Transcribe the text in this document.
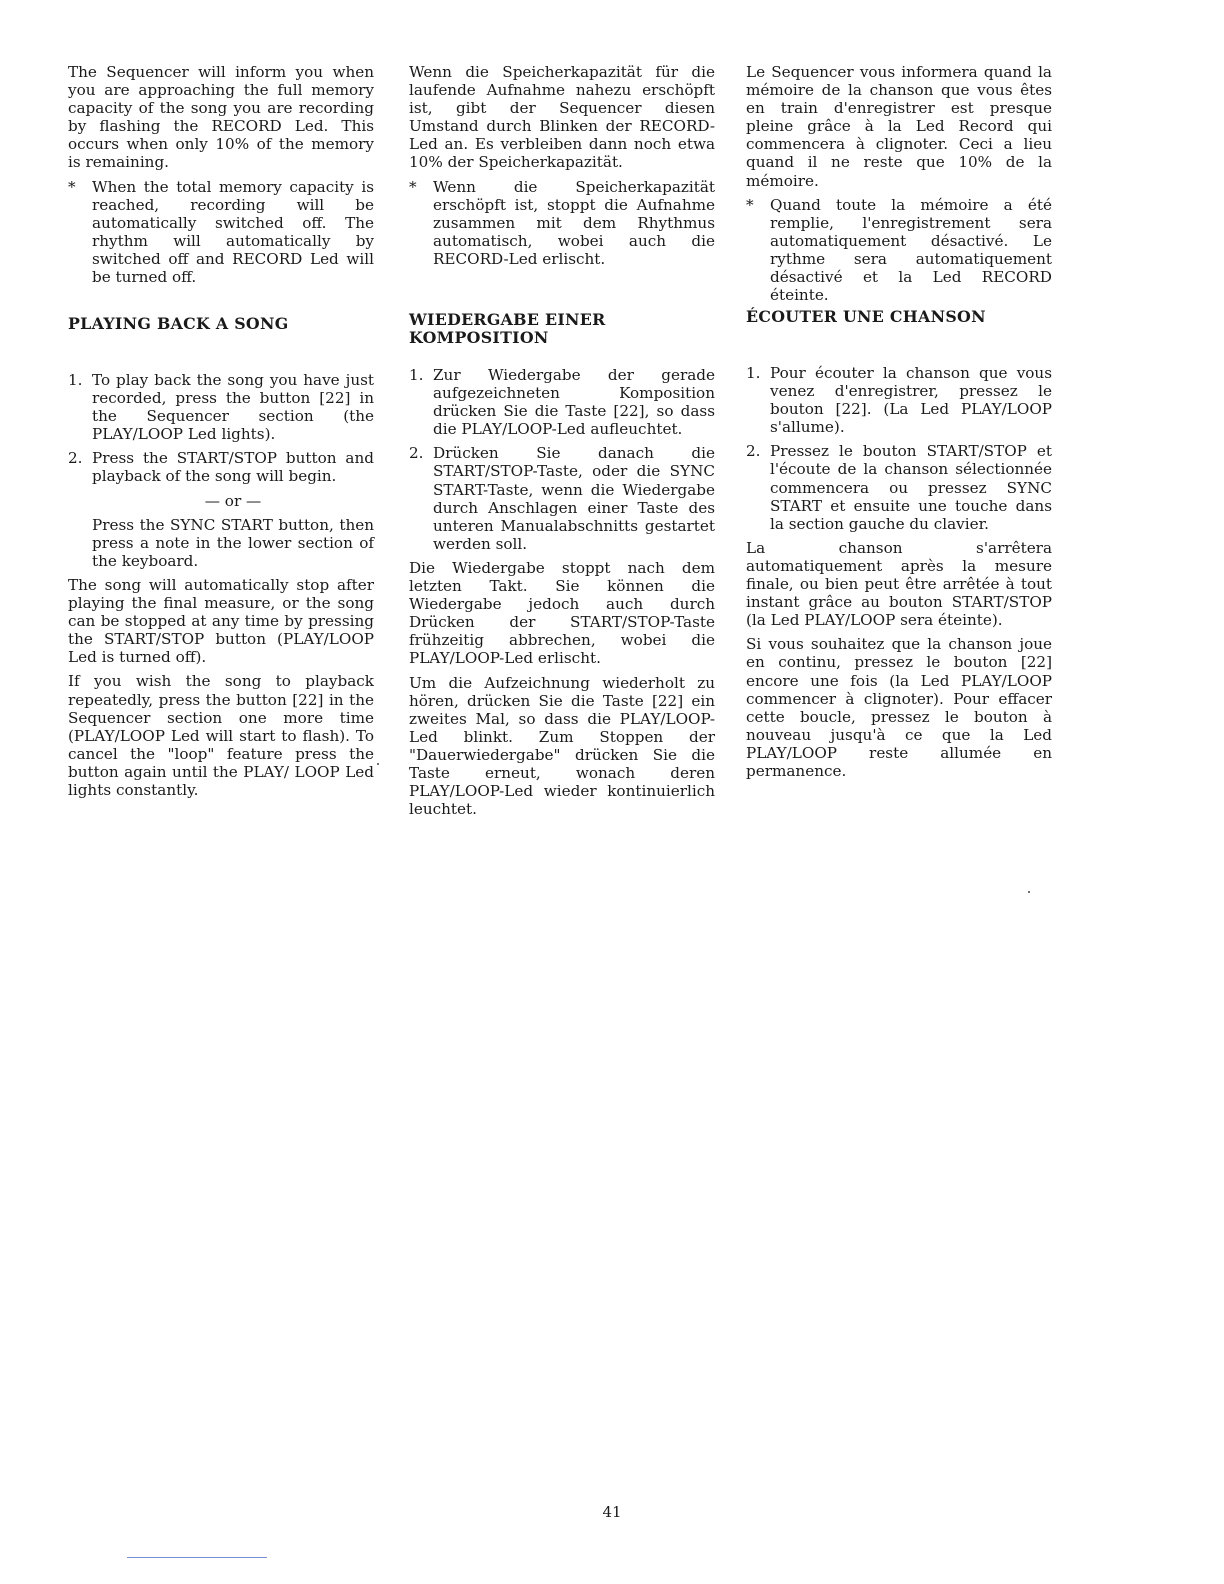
The Sequencer will inform you when you are approaching the full memory capacity of the song you are recording by flashing the RECORD Led. This occurs when only 10% of the memory is remaining.

* When the total memory capacity is reached, recording will be automatically switched off. The rhythm will automatically by switched off and RECORD Led will be turned off.

Wenn die Speicherkapazität für die laufende Aufnahme nahezu erschöpft ist, gibt der Sequencer diesen Umstand durch Blinken der RECORD-Led an. Es verbleiben dann noch etwa 10% der Speicherkapazität.

* Wenn die Speicherkapazität erschöpft ist, stoppt die Aufnahme zusammen mit dem Rhythmus automatisch, wobei auch die RECORD-Led erlischt.

Le Sequencer vous informera quand la mémoire de la chanson que vous êtes en train d'enregistrer est presque pleine grâce à la Led Record qui commencera à clignoter. Ceci a lieu quand il ne reste que 10% de la mémoire.

* Quand toute la mémoire a été remplie, l'enregistrement sera automatiquement désactivé. Le rythme sera automatiquement désactivé et la Led RECORD éteinte.
PLAYING BACK A SONG	WIEDERGABE EINER
KOMPOSITION
ÉCOUTER UNE CHANSON
1. To play back the song you have just recorded, press the button [22] in the Sequencer section (the PLAY/LOOP Led lights).
2. Press the START/STOP button and playback of the song will begin.
— or —

Press the SYNC START button, then press a note in the lower section of the keyboard.

The song will automatically stop after playing the final measure, or the song can be stopped at any time by pressing the START/STOP button (PLAY/LOOP Led is turned off).

If you wish the song to playback repeatedly, press the button [22] in the Sequencer section one more time (PLAY/LOOP Led will start to flash). To cancel the "loop" feature press the button again until the PLAY/ LOOP Led lights constantly.

1. Zur Wiedergabe der gerade aufgezeichneten Komposition drücken Sie die Taste [22], so dass die PLAY/LOOP-Led aufleuchtet.
2. Drücken Sie danach die START/STOP-Taste, oder die SYNC START-Taste, wenn die Wiedergabe durch Anschlagen einer Taste des unteren Manualabschnitts gestartet werden soll.

Die Wiedergabe stoppt nach dem letzten Takt. Sie können die Wiedergabe jedoch auch durch Drücken der START/STOP-Taste frühzeitig abbrechen, wobei die PLAY/LOOP-Led erlischt.

Um die Aufzeichnung wiederholt zu hören, drücken Sie die Taste [22] ein zweites Mal, so dass die PLAY/LOOP-Led blinkt. Zum Stoppen der "Dauerwiedergabe" drücken Sie die Taste erneut, wonach deren PLAY/LOOP-Led wieder kontinuierlich leuchtet.

1. Pour écouter la chanson que vous venez d'enregistrer, pressez le bouton [22]. (La Led PLAY/LOOP s'allume).
2. Pressez le bouton START/STOP et l'écoute de la chanson sélectionnée commencera ou pressez SYNC START et ensuite une touche dans la section gauche du clavier.

La chanson s'arrêtera automatiquement après la mesure finale, ou bien peut être arrêtée à tout instant grâce au bouton START/STOP (la Led PLAY/LOOP sera éteinte).

Si vous souhaitez que la chanson joue en continu, pressez le bouton [22] encore une fois (la Led PLAY/LOOP commencer à clignoter). Pour effacer cette boucle, pressez le bouton à nouveau jusqu'à ce que la Led PLAY/LOOP reste allumée en permanence.

41
